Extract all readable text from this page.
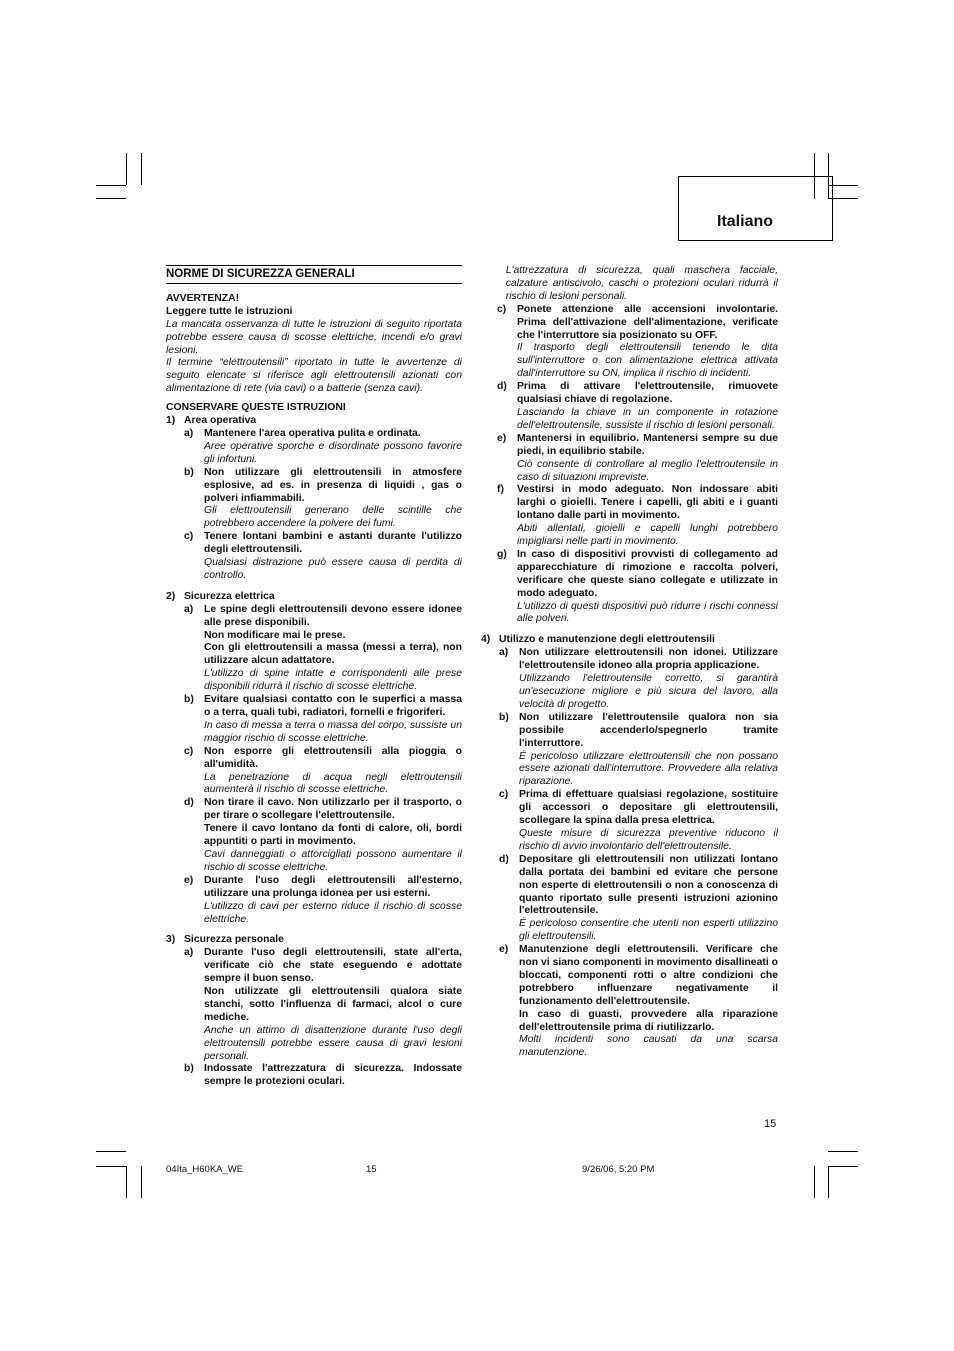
Italiano
NORME DI SICUREZZA GENERALI

AVVERTENZA!

Leggere tutte le istruzioni

La mancata osservanza di tutte le istruzioni di seguito riportata potrebbe essere causa di scosse elettriche, incendi e/o gravi lesioni.

Il termine “elettroutensili” riportato in tutte le avvertenze di seguito elencate si riferisce agli elettroutensili azionati con alimentazione di rete (via cavi) o a batterie (senza cavi).

CONSERVARE QUESTE ISTRUZIONI

1) Area operativa
a)	Mantenere l'area operativa pulita e ordinata.

Aree operative sporche e disordinate possono favorire gli infortuni.

b) Non utilizzare gli elettroutensili in atmosfere esplosive, ad es. in presenza di liquidi , gas o polveri infiammabili.

Gli elettroutensili generano delle scintille che potrebbero accendere la polvere dei fumi.

c)	Tenere lontani bambini e astanti durante l'utilizzo degli elettroutensili.

Qualsiasi distrazione può essere causa di perdita di controllo.

2) Sicurezza elettrica
a)	Le spine degli elettroutensili devono essere idonee alle prese disponibili.

Non modificare mai le prese.

Con gli elettroutensili a massa (messi a terra), non utilizzare alcun adattatore.

L'utilizzo di spine intatte e corrispondenti alle prese disponibili ridurrà il rischio di scosse elettriche.

b) Evitare qualsiasi contatto con le superfici a massa o a terra, quali tubi, radiatori, fornelli e frigoriferi.

In caso di messa a terra o massa del corpo, sussiste un maggior rischio di scosse elettriche.

c)	Non esporre gli elettroutensili alla pioggia o all'umidità.

La penetrazione di acqua negli elettroutensili aumenterà il rischio di scosse elettriche.

d) Non tirare il cavo. Non utilizzarlo per il trasporto, o per tirare o scollegare l'elettroutensile.

Tenere il cavo lontano da fonti di calore, oli, bordi appuntiti o parti in movimento.

Cavi danneggiati o attorcigliati possono aumentare il rischio di scosse elettriche.

e)	Durante l'uso degli elettroutensili all'esterno, utilizzare una prolunga idonea per usi esterni.

L'utilizzo di cavi per esterno riduce il rischio di scosse elettriche.

3) Sicurezza personale
a)	Durante l'uso degli elettroutensili, state all'erta, verificate ciò che state eseguendo e adottate sempre il buon senso.

Non utilizzate gli elettroutensili qualora siate stanchi, sotto l'influenza di farmaci, alcol o cure mediche.

Anche un attimo di disattenzione durante l'uso degli elettroutensili potrebbe essere causa di gravi lesioni personali.

b) Indossate l'attrezzatura di sicurezza. Indossate sempre le protezioni oculari.

L'attrezzatura di sicurezza, quali maschera facciale, calzature antiscivolo, caschi o protezioni oculari ridurrà il rischio di lesioni personali.

c)	Ponete attenzione alle accensioni involontarie. Prima dell'attivazione dell'alimentazione, verificate che l'interruttore sia posizionato su OFF.

Il trasporto degli elettroutensili tenendo le dita sull'interruttore o con alimentazione elettrica attivata dall'interruttore su ON, implica il rischio di incidenti.

d) Prima di attivare l'elettroutensile, rimuovete qualsiasi chiave di regolazione.

Lasciando la chiave in un componente in rotazione dell'elettroutensile, sussiste il rischio di lesioni personali.

e)	Mantenersi in equilibrio. Mantenersi sempre su due piedi, in equilibrio stabile.

Ciò consente di controllare al meglio l'elettroutensile in caso di situazioni impreviste.

f)	Vestirsi in modo adeguato. Non indossare abiti larghi o gioielli. Tenere i capelli, gli abiti e i guanti lontano dalle parti in movimento.

Abiti allentati, gioielli e capelli lunghi potrebbero impigliarsi nelle parti in movimento.

g) In caso di dispositivi provvisti di collegamento ad apparecchiature di rimozione e raccolta polveri, verificare che queste siano collegate e utilizzate in modo adeguato.

L'utilizzo di questi dispositivi può ridurre i rischi connessi alle polveri.

4) Utilizzo e manutenzione degli elettroutensili
a)	Non utilizzare elettroutensili non idonei. Utilizzare l'elettroutensile idoneo alla propria applicazione.

Utilizzando l'elettroutensile corretto, si garantirà un'esecuzione migliore e più sicura del lavoro, alla velocità di progetto.

b) Non utilizzare l'elettroutensile qualora non sia possibile accenderlo/spegnerlo tramite l'interruttore.

É pericoloso utilizzare elettroutensili che non possano essere azionati dall'interruttore. Provvedere alla relativa riparazione.

c)	Prima di effettuare qualsiasi regolazione, sostituire gli accessori o depositare gli elettroutensili, scollegare la spina dalla presa elettrica.

Queste misure di sicurezza preventive riducono il rischio di avvio involontario dell'elettroutensile.

d) Depositare gli elettroutensili non utilizzati lontano dalla portata dei bambini ed evitare che persone non esperte di elettroutensili o non a conoscenza di quanto riportato sulle presenti istruzioni azionino l'elettroutensile.

É pericoloso consentire che utenti non esperti utilizzino gli elettroutensili.

e)	Manutenzione degli elettroutensili. Verificare che non vi siano componenti in movimento disallineati o bloccati, componenti rotti o altre condizioni che potrebbero influenzare negativamente il funzionamento dell'elettroutensile.

In caso di guasti, provvedere alla riparazione dell'elettroutensile prima di riutilizzarlo.

Molti incidenti sono causati da una scarsa manutenzione.

15
04Ita_H60KA_WE	15	9/26/06, 5:20 PM
